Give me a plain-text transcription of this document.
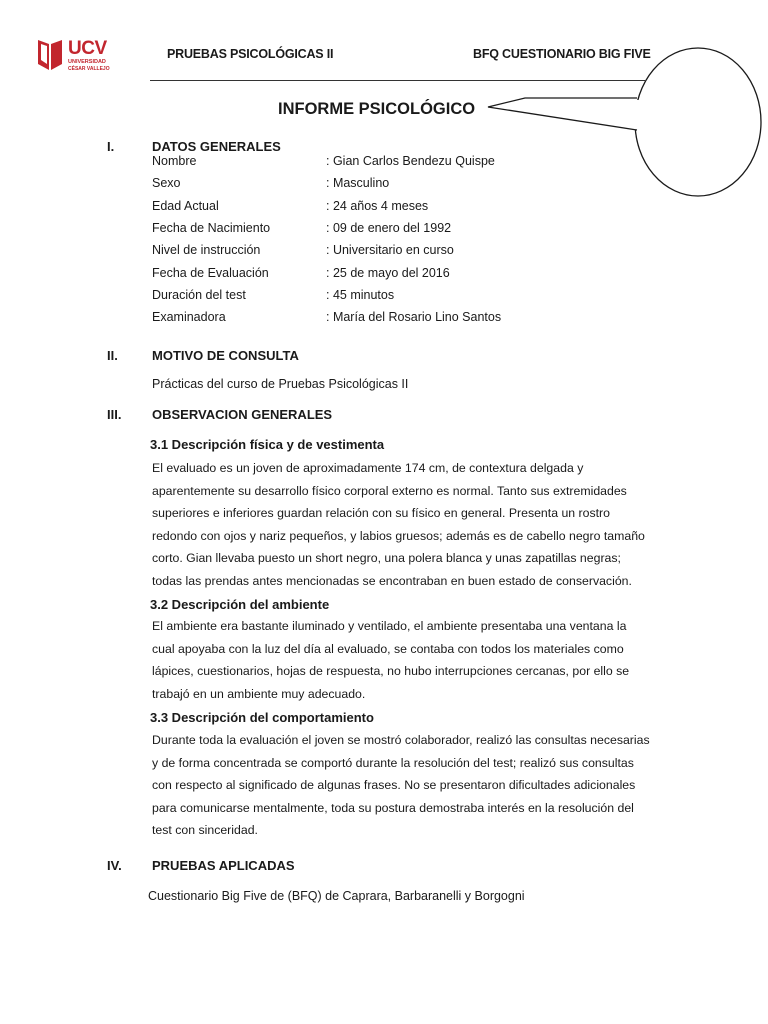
UCV
UNIVERSIDAD
CÉSAR VALLEJO
PRUEBAS PSICOLÓGICAS II	BFQ CUESTIONARIO BIG FIVE
INFORME PSICOLÓGICO
I.	DATOS GENERALES
Nombre	: Gian Carlos Bendezu Quispe
Sexo	: Masculino
Edad Actual	: 24 años 4 meses
Fecha de Nacimiento	: 09 de enero del 1992
Nivel de instrucción	: Universitario en curso
Fecha de Evaluación	: 25 de mayo del 2016
Duración del test	: 45 minutos
Examinadora	: María del Rosario Lino Santos
II.	MOTIVO DE CONSULTA
Prácticas del curso de Pruebas Psicológicas II
III. OBSERVACION GENERALES
3.1 Descripción física y de vestimenta
El evaluado es un joven de aproximadamente 174 cm, de contextura delgada y
aparentemente su desarrollo físico corporal externo es normal. Tanto sus extremidades
superiores e inferiores guardan relación con su físico en general. Presenta un rostro
redondo con ojos y nariz pequeños, y labios gruesos; además es de cabello negro tamaño
corto. Gian llevaba puesto un short negro, una polera blanca y unas zapatillas negras;
todas las prendas antes mencionadas se encontraban en buen estado de conservación.
3.2 Descripción del ambiente
El ambiente era bastante iluminado y ventilado, el ambiente presentaba una ventana la
cual apoyaba con la luz del día al evaluado, se contaba con todos los materiales como
lápices, cuestionarios, hojas de respuesta, no hubo interrupciones cercanas, por ello se
trabajó en un ambiente muy adecuado.
3.3 Descripción del comportamiento
Durante toda la evaluación el joven se mostró colaborador, realizó las consultas necesarias
y de forma concentrada se comportó durante la resolución del test; realizó sus consultas
con respecto al significado de algunas frases. No se presentaron dificultades adicionales
para comunicarse mentalmente, toda su postura demostraba interés en la resolución del
test con sinceridad.
IV. PRUEBAS APLICADAS
Cuestionario Big Five de (BFQ) de Caprara, Barbaranelli y Borgogni
